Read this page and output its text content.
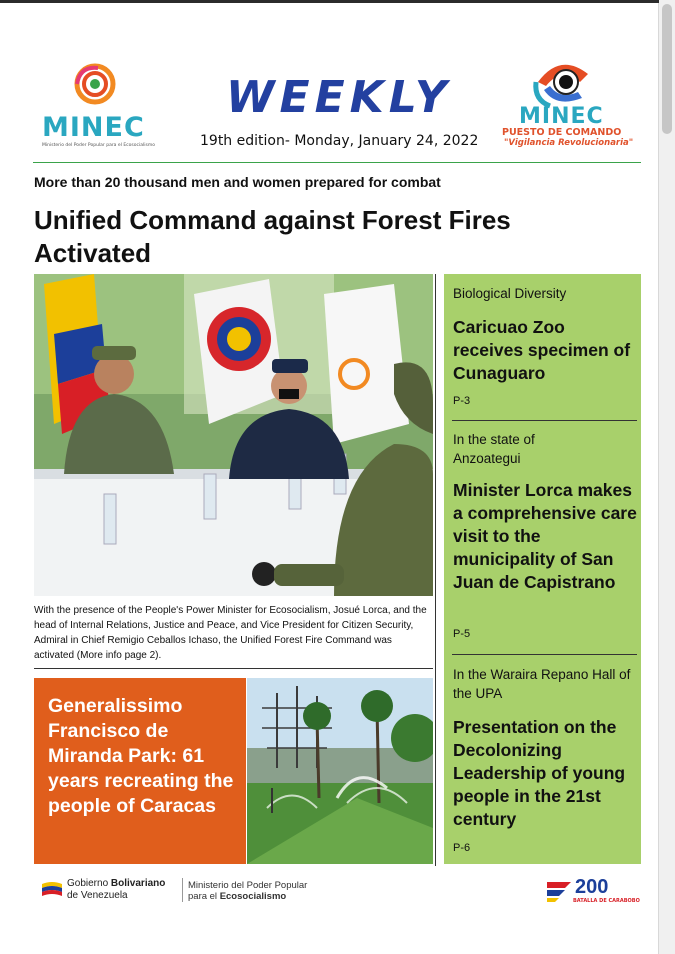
MINEC
Ministerio del Poder Popular para el Ecosocialismo
WEEKLY
19th edition- Monday, January 24, 2022
MINEC
PUESTO DE COMANDO
"Vigilancia Revolucionaria"
More than 20 thousand men and women prepared for combat
Unified Command against Forest Fires Activated
With the presence of the People's Power Minister for Ecosocialism, Josué Lorca, and the head of Internal Relations, Justice and Peace, and Vice President for Citizen Security, Admiral in Chief Remigio Ceballos Ichaso, the Unified Forest Fire Command was activated (More info page 2).
Generalissimo Francisco de Miranda Park: 61 years recreating the people of Caracas
Biological Diversity
Caricuao Zoo receives specimen of Cunaguaro
P-3
In the state of Anzoategui
Minister Lorca makes a comprehensive care visit to the municipality of San Juan de Capistrano
P-5
In the Waraira Repano Hall of the UPA
Presentation on the Decolonizing Leadership of young people in the 21st century
P-6
Gobierno Bolivariano
de Venezuela
Ministerio del Poder Popular
para el Ecosocialismo	200
BATALLA DE CARABOBO
